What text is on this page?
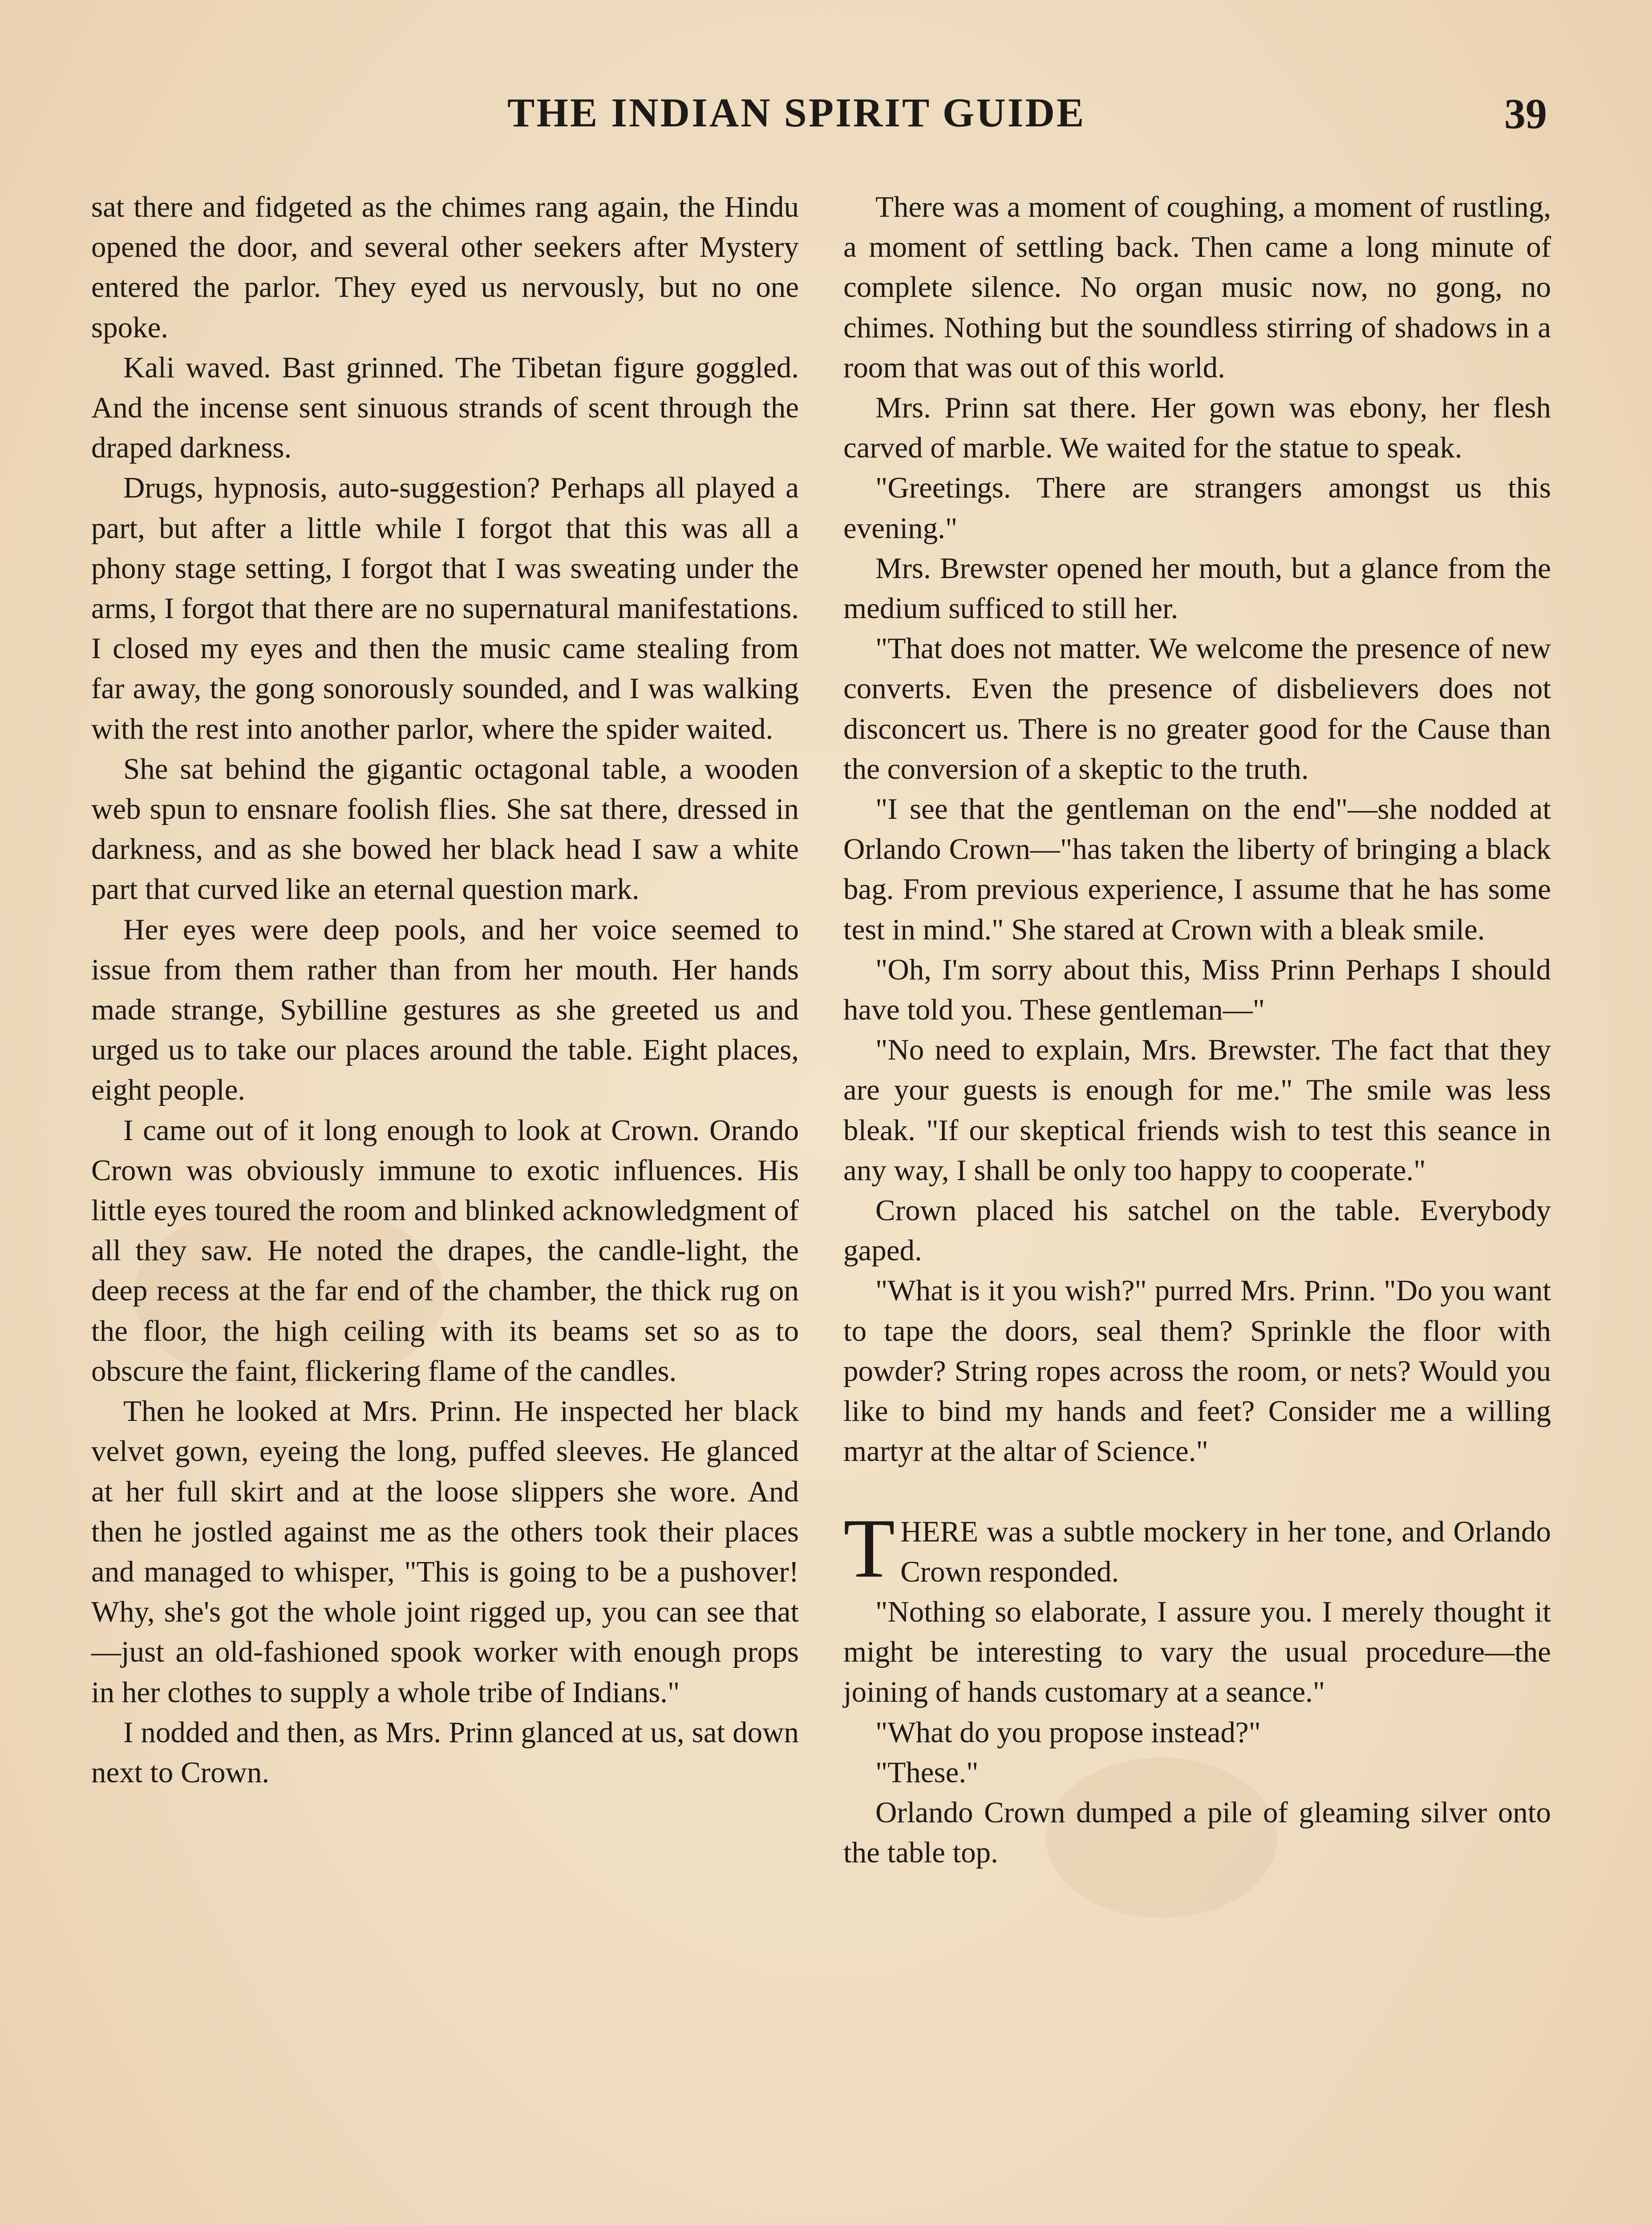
THE INDIAN SPIRIT GUIDE	39

sat there and fidgeted as the chimes rang again, the Hindu opened the door, and several other seekers after Mystery entered the parlor. They eyed us nervously, but no one spoke.

Kali waved. Bast grinned. The Tibetan figure goggled. And the incense sent sinuous strands of scent through the draped darkness.

Drugs, hypnosis, auto-suggestion? Perhaps all played a part, but after a little while I forgot that this was all a phony stage setting, I forgot that I was sweating under the arms, I forgot that there are no supernatural manifestations. I closed my eyes and then the music came stealing from far away, the gong sonorously sounded, and I was walking with the rest into another parlor, where the spider waited.

She sat behind the gigantic octagonal table, a wooden web spun to ensnare foolish flies. She sat there, dressed in darkness, and as she bowed her black head I saw a white part that curved like an eternal question mark.

Her eyes were deep pools, and her voice seemed to issue from them rather than from her mouth. Her hands made strange, Sybilline gestures as she greeted us and urged us to take our places around the table. Eight places, eight people.

I came out of it long enough to look at Crown. Orando Crown was obviously immune to exotic influences. His little eyes toured the room and blinked acknowledgment of all they saw. He noted the drapes, the candle-light, the deep recess at the far end of the chamber, the thick rug on the floor, the high ceiling with its beams set so as to obscure the faint, flickering flame of the candles.

Then he looked at Mrs. Prinn. He inspected her black velvet gown, eyeing the long, puffed sleeves. He glanced at her full skirt and at the loose slippers she wore. And then he jostled against me as the others took their places and managed to whisper, "This is going to be a pushover! Why, she's got the whole joint rigged up, you can see that—just an old-fashioned spook worker with enough props in her clothes to supply a whole tribe of Indians."

I nodded and then, as Mrs. Prinn glanced at us, sat down next to Crown.

There was a moment of coughing, a moment of rustling, a moment of settling back. Then came a long minute of complete silence. No organ music now, no gong, no chimes. Nothing but the soundless stirring of shadows in a room that was out of this world.

Mrs. Prinn sat there. Her gown was ebony, her flesh carved of marble. We waited for the statue to speak.

"Greetings. There are strangers amongst us this evening."

Mrs. Brewster opened her mouth, but a glance from the medium sufficed to still her.

"That does not matter. We welcome the presence of new converts. Even the presence of disbelievers does not disconcert us. There is no greater good for the Cause than the conversion of a skeptic to the truth.

"I see that the gentleman on the end"—she nodded at Orlando Crown—"has taken the liberty of bringing a black bag. From previous experience, I assume that he has some test in mind." She stared at Crown with a bleak smile.

"Oh, I'm sorry about this, Miss Prinn Perhaps I should have told you. These gentleman—"

"No need to explain, Mrs. Brewster. The fact that they are your guests is enough for me." The smile was less bleak. "If our skeptical friends wish to test this seance in any way, I shall be only too happy to cooperate."

Crown placed his satchel on the table. Everybody gaped.

"What is it you wish?" purred Mrs. Prinn. "Do you want to tape the doors, seal them? Sprinkle the floor with powder? String ropes across the room, or nets? Would you like to bind my hands and feet? Consider me a willing martyr at the altar of Science."

THERE was a subtle mockery in her tone, and Orlando Crown responded.

"Nothing so elaborate, I assure you. I merely thought it might be interesting to vary the usual procedure—the joining of hands customary at a seance."

"What do you propose instead?"

"These."

Orlando Crown dumped a pile of gleaming silver onto the table top.
